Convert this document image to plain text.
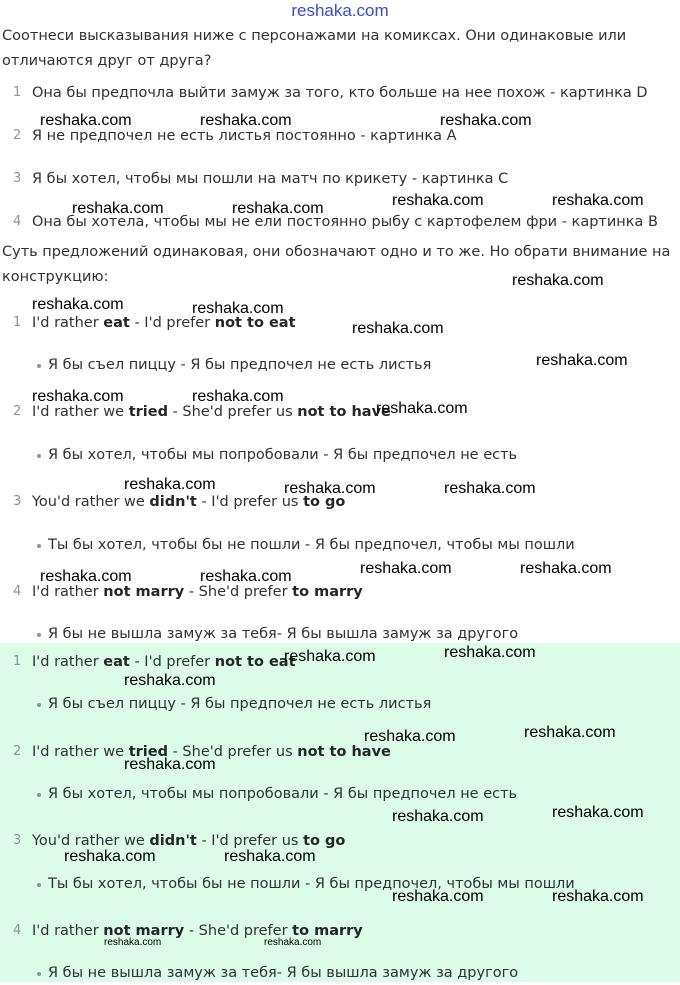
reshaka.com

Соотнеси высказывания ниже с персонажами на комиксах. Они одинаковые или отличаются друг от друга?

1 Она бы предпочла выйти замуж за того, кто больше на нее похож - картинка D
2 Я не предпочел не есть листья постоянно - картинка А
3 Я бы хотел, чтобы мы пошли на матч по крикету - картинка С
4 Она бы хотела, чтобы мы не ели постоянно рыбу с картофелем фри - картинка В

Суть предложений одинаковая, они обозначают одно и то же. Но обрати внимание на конструкцию:

1 I'd rather eat - I'd prefer not to eat
Я бы съел пиццу - Я бы предпочел не есть листья
2 I'd rather we tried - She'd prefer us not to have
Я бы хотел, чтобы мы попробовали - Я бы предпочел не есть
3 You'd rather we didn't - I'd prefer us to go
Ты бы хотел, чтобы бы не пошли - Я бы предпочел, чтобы мы пошли
4 I'd rather not marry - She'd prefer to marry
Я бы не вышла замуж за тебя- Я бы вышла замуж за другого
1 I'd rather eat - I'd prefer not to eat
Я бы съел пиццу - Я бы предпочел не есть листья
2 I'd rather we tried - She'd prefer us not to have
Я бы хотел, чтобы мы попробовали - Я бы предпочел не есть
3 You'd rather we didn't - I'd prefer us to go
Ты бы хотел, чтобы бы не пошли - Я бы предпочел, чтобы мы пошли
4 I'd rather not marry - She'd prefer to marry
Я бы не вышла замуж за тебя- Я бы вышла замуж за другого
reshaka.com	reshaka.com	reshaka.com
reshaka.com	reshaka.com
reshaka.com	reshaka.com
reshaka.com
reshaka.com	reshaka.com
reshaka.com
reshaka.com
reshaka.com	reshaka.com
reshaka.com
reshaka.com	reshaka.com	reshaka.com
reshaka.com	reshaka.com
reshaka.com	reshaka.com
reshaka.com
reshaka.com
reshaka.com
reshaka.com
reshaka.com
reshaka.com
reshaka.com
reshaka.com
reshaka.com	reshaka.com
reshaka.com	reshaka.com
reshaka.com	reshaka.com
